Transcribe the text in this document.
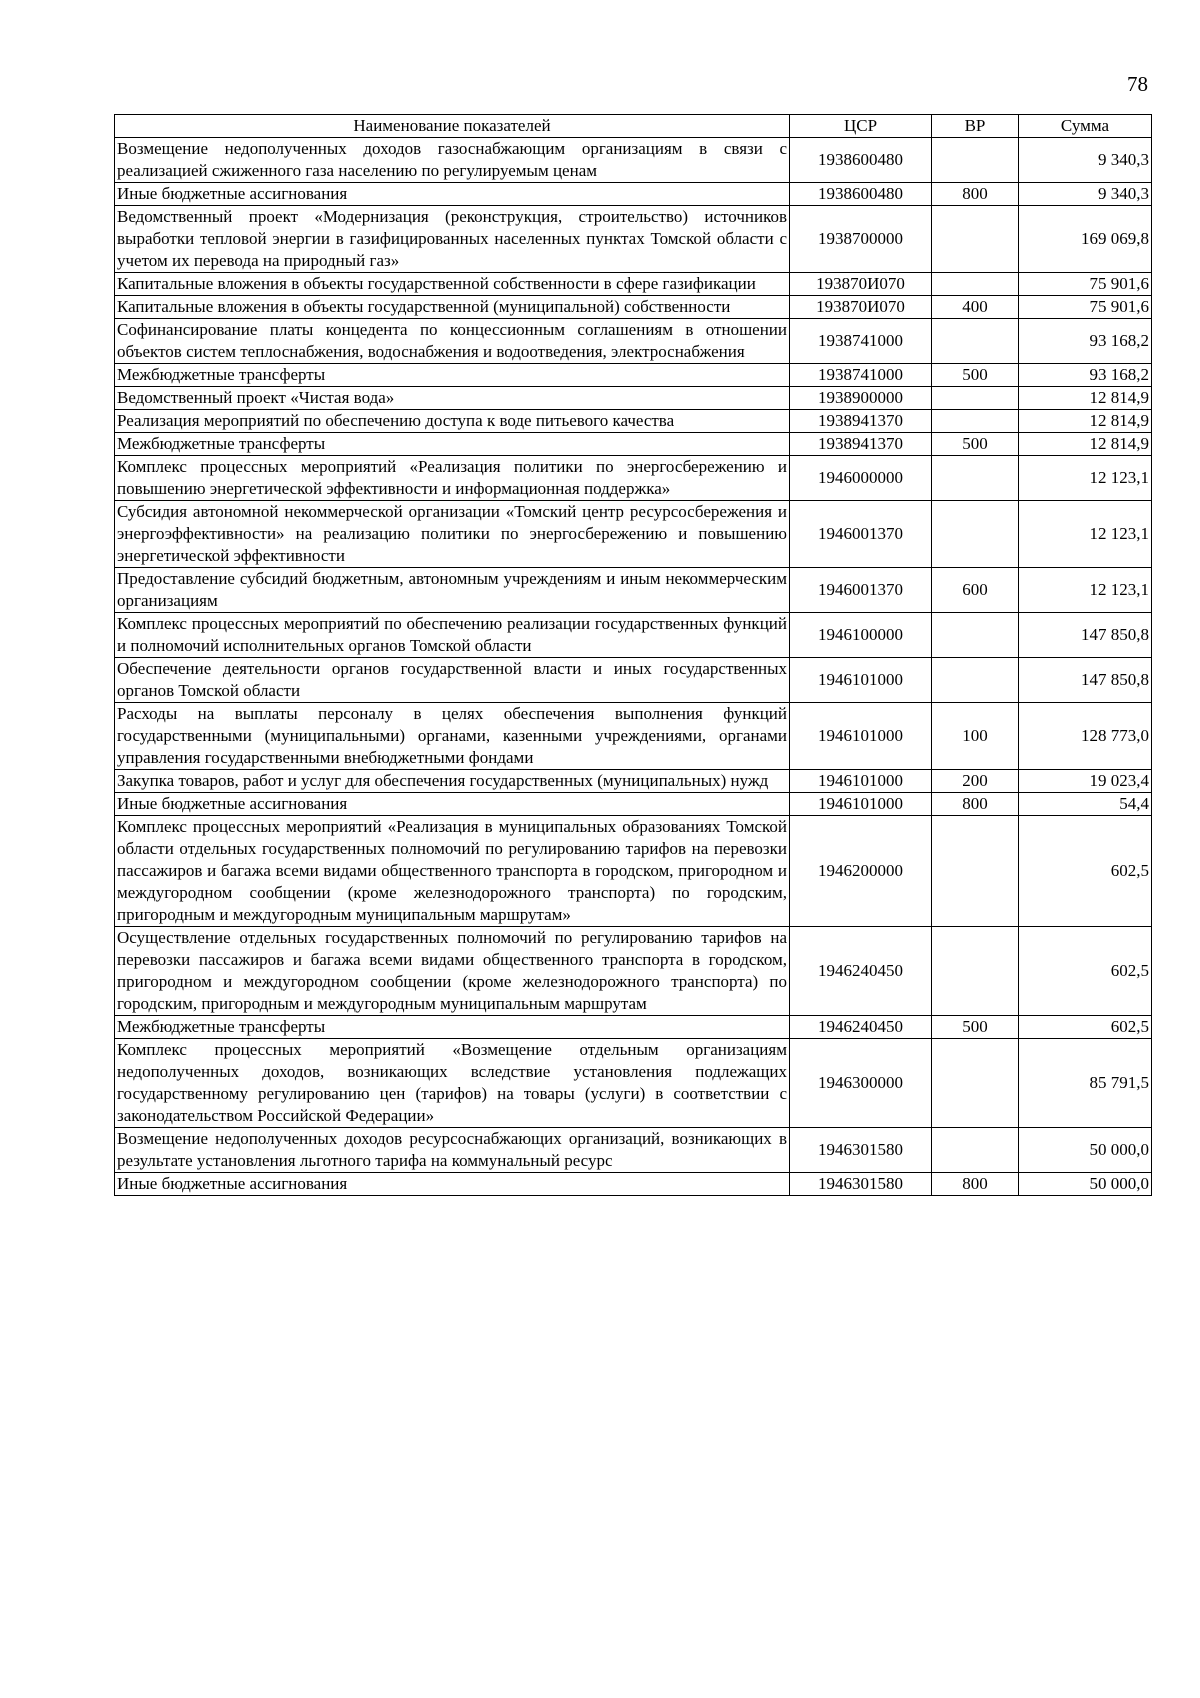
78
Наименование показателей	ЦСР	ВР	Сумма
Возмещение недополученных доходов газоснабжающим организациям в связи с реализацией сжиженного газа населению по регулируемым ценам	1938600480		9 340,3
Иные бюджетные ассигнования	1938600480	800	9 340,3
Ведомственный проект «Модернизация (реконструкция, строительство) источников выработки тепловой энергии в газифицированных населенных пунктах Томской области с учетом их перевода на природный газ»	1938700000		169 069,8
Капитальные вложения в объекты государственной собственности в сфере газификации	193870И070		75 901,6
Капитальные вложения в объекты государственной (муниципальной) собственности	193870И070	400	75 901,6
Софинансирование платы концедента по концессионным соглашениям в отношении объектов систем теплоснабжения, водоснабжения и водоотведения, электроснабжения	1938741000		93 168,2
Межбюджетные трансферты	1938741000	500	93 168,2
Ведомственный проект «Чистая вода»	1938900000		12 814,9
Реализация мероприятий по обеспечению доступа к воде питьевого качества	1938941370		12 814,9
Межбюджетные трансферты	1938941370	500	12 814,9
Комплекс процессных мероприятий «Реализация политики по энергосбережению и повышению энергетической эффективности и информационная поддержка»	1946000000		12 123,1
Субсидия автономной некоммерческой организации «Томский центр ресурсосбережения и энергоэффективности» на реализацию политики по энергосбережению и повышению энергетической эффективности	1946001370		12 123,1
Предоставление субсидий бюджетным, автономным учреждениям и иным некоммерческим организациям	1946001370	600	12 123,1
Комплекс процессных мероприятий по обеспечению реализации государственных функций и полномочий исполнительных органов Томской области	1946100000		147 850,8
Обеспечение деятельности органов государственной власти и иных государственных органов Томской области	1946101000		147 850,8
Расходы на выплаты персоналу в целях обеспечения выполнения функций государственными (муниципальными) органами, казенными учреждениями, органами управления государственными внебюджетными фондами	1946101000	100	128 773,0
Закупка товаров, работ и услуг для обеспечения государственных (муниципальных) нужд	1946101000	200	19 023,4
Иные бюджетные ассигнования	1946101000	800	54,4
Комплекс процессных мероприятий «Реализация в муниципальных образованиях Томской области отдельных государственных полномочий по регулированию тарифов на перевозки пассажиров и багажа всеми видами общественного транспорта в городском, пригородном и междугородном сообщении (кроме железнодорожного транспорта) по городским, пригородным и междугородным муниципальным маршрутам»	1946200000		602,5
Осуществление отдельных государственных полномочий по регулированию тарифов на перевозки пассажиров и багажа всеми видами общественного транспорта в городском, пригородном и междугородном сообщении (кроме железнодорожного транспорта) по городским, пригородным и междугородным муниципальным маршрутам	1946240450		602,5
Межбюджетные трансферты	1946240450	500	602,5
Комплекс процессных мероприятий «Возмещение отдельным организациям недополученных доходов, возникающих вследствие установления подлежащих государственному регулированию цен (тарифов) на товары (услуги) в соответствии с законодательством Российской Федерации»	1946300000		85 791,5
Возмещение недополученных доходов ресурсоснабжающих организаций, возникающих в результате установления льготного тарифа на коммунальный ресурс	1946301580		50 000,0
Иные бюджетные ассигнования	1946301580	800	50 000,0
